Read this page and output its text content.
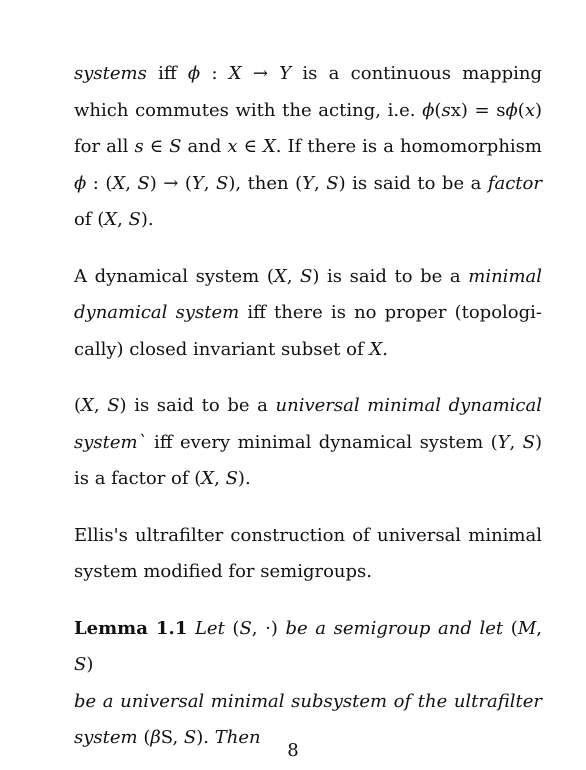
systems iff ϕ : X → Y is a continuous mapping

which commutes with the acting, i.e. ϕ(sx) = sϕ(x)

for all s ∈ S and x ∈ X. If there is a homomorphism

ϕ : (X, S) → (Y, S), then (Y, S) is said to be a factor

of (X, S).

A dynamical system (X, S) is said to be a minimal

dynamical system iff there is no proper (topologi-

cally) closed invariant subset of X.

(X, S) is said to be a universal minimal dynamical

system` iff every minimal dynamical system (Y, S)

is a factor of (X, S).

Ellis's ultrafilter construction of universal minimal

system modified for semigroups.

Lemma 1.1 Let (S, ·) be a semigroup and let (M, S)

be a universal minimal subsystem of the ultrafilter

system (βS, S). Then

8
